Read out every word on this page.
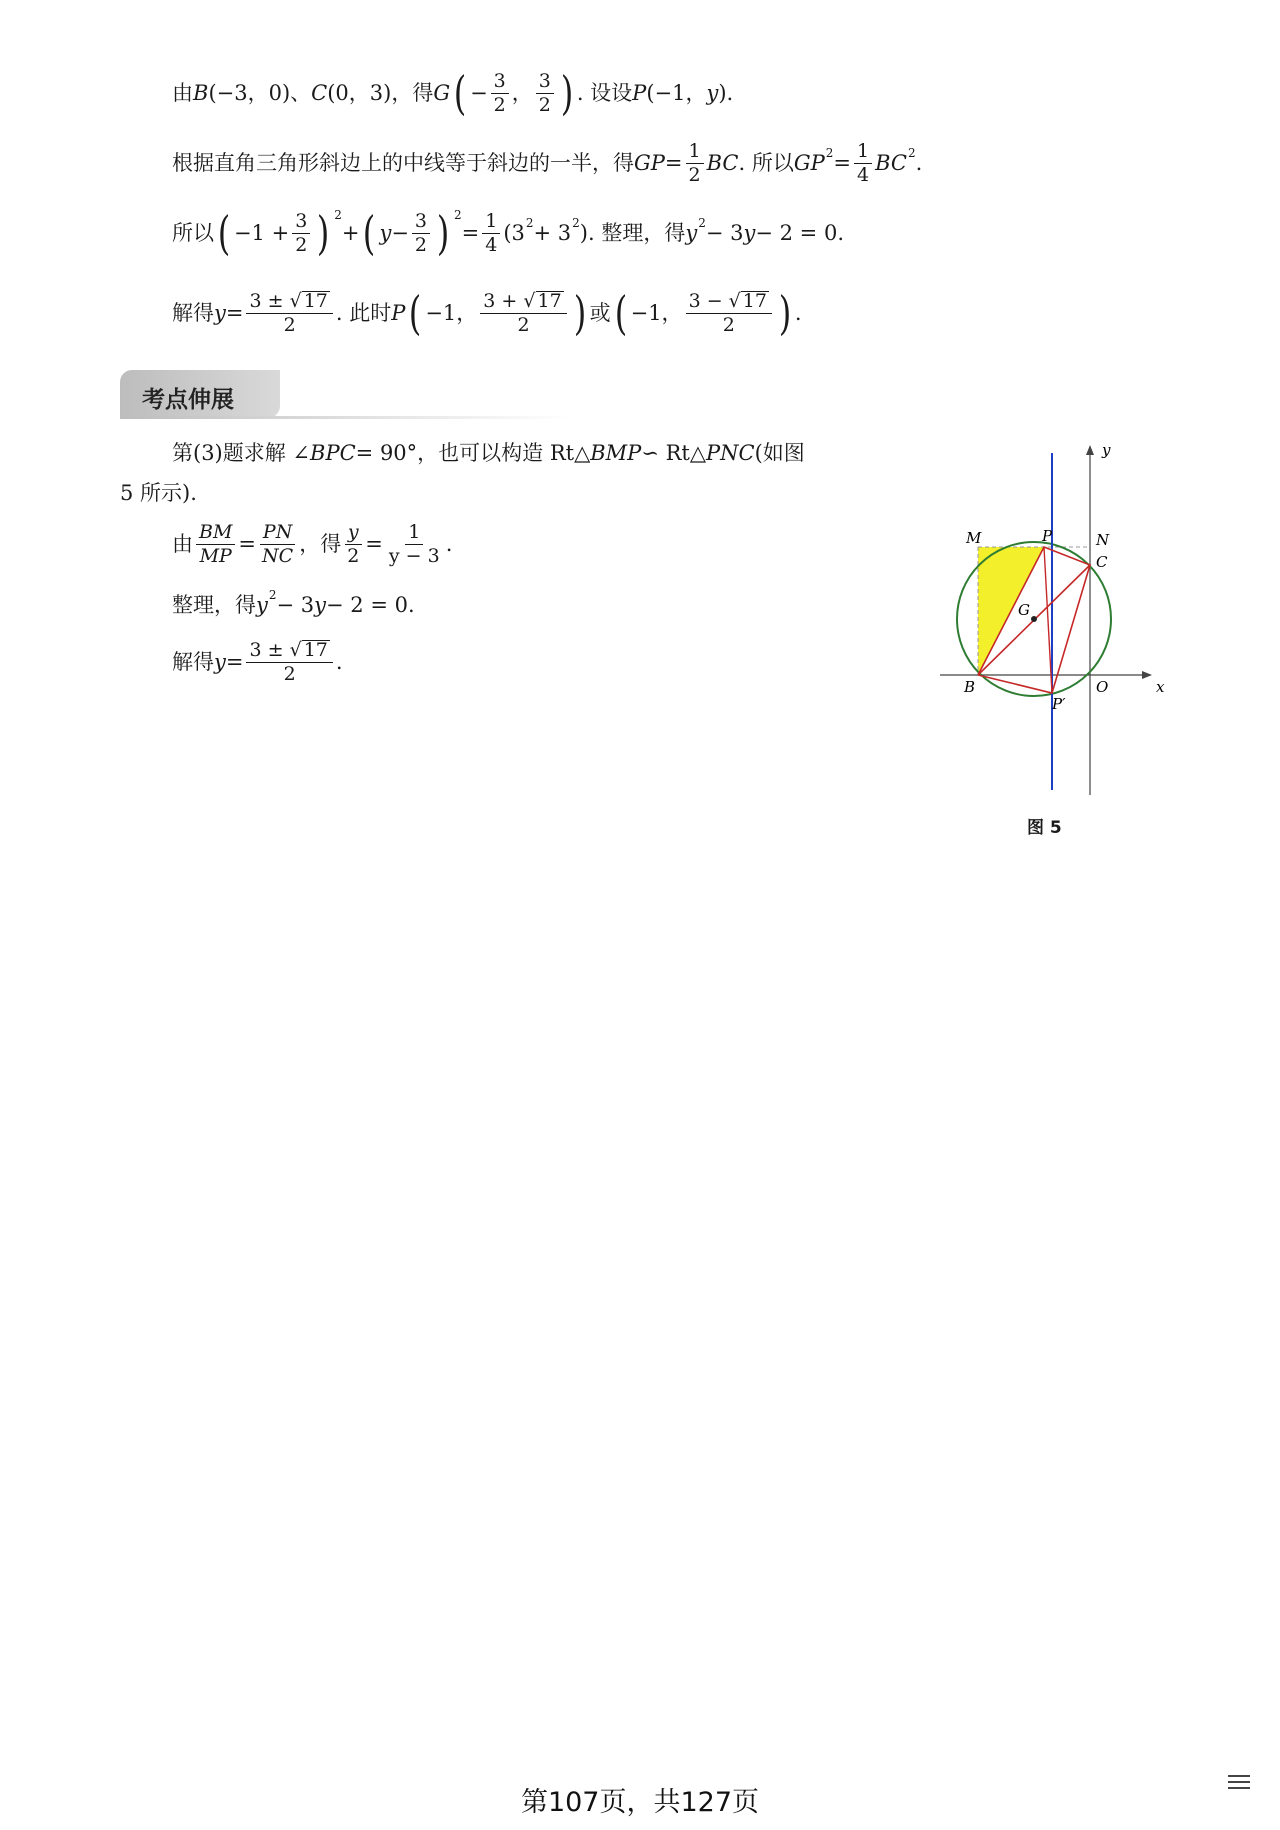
由 B (−3，0)、 C (0，3)，得 G ( − $\frac{3}{2}$ ， $\frac{3}{2}$ ) . 设设 P (−1， y ).
根据直角三角形斜边上的中线等于斜边的一半，得 GP = $\frac{1}{2}$ BC . 所以 GP $2 = \frac{1}{4}$ BC 2 .
所以 ( $-1 + \frac{3}{2}$ ) 2
+ ( $y - \frac{3}{2}$ ) 2
= $\frac{1}{4} (3$ 2 + 3 2 ). 整理，得 y 2 − 3 y − 2 = 0.
解得 $y = \frac{3 \pm √ 17}{2}$ . 此时 P ( −1， $\frac{3 + √ 17}{2}$ ) 或 ( −1， $\frac{3 - √ 17}{2}$ ) .
考点伸展
第(3)题求解 ∠ BPC = 90°，也可以构造 Rt△ BMP ∽ Rt△ PNC (如图
5 所示).
由 $\frac{BM}{MP} = \frac{PN}{NC}$ ，得 $\frac{y}{2} = \frac{1}{y - 3}$ .
整理，得 y 2 − 3 y − 2 = 0.
解得 $y = \frac{3 \pm √ 17}{2}$ .
y
x
M	P	N
C
G
B
P′
O
图 5
第107页，共127页
